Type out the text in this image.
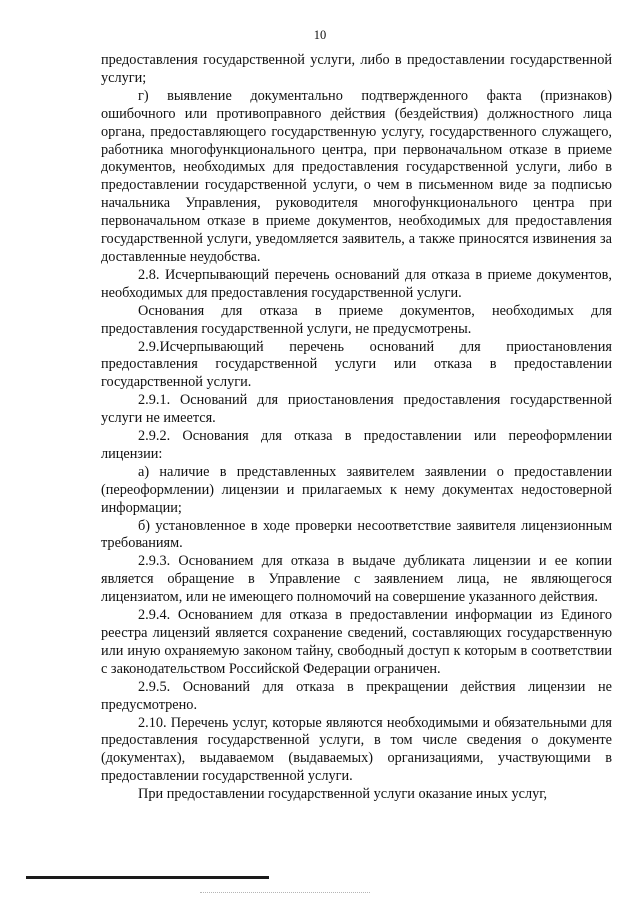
10

предоставления государственной услуги, либо в предоставлении государственной услуги;

г) выявление документально подтвержденного факта (признаков) ошибочного или противоправного действия (бездействия) должностного лица органа, предоставляющего государственную услугу, государственного служащего, работника многофункционального центра, при первоначальном отказе в приеме документов, необходимых для предоставления государственной услуги, либо в предоставлении государственной услуги, о чем в письменном виде за подписью начальника Управления, руководителя многофункционального центра при первоначальном отказе в приеме документов, необходимых для предоставления государственной услуги, уведомляется заявитель, а также приносятся извинения за доставленные неудобства.

2.8. Исчерпывающий перечень оснований для отказа в приеме документов, необходимых для предоставления государственной услуги.

Основания для отказа в приеме документов, необходимых для предоставления государственной услуги, не предусмотрены.

2.9.Исчерпывающий перечень оснований для приостановления предоставления государственной услуги или отказа в предоставлении государственной услуги.

2.9.1. Оснований для приостановления предоставления государственной услуги не имеется.

2.9.2. Основания для отказа в предоставлении или переоформлении лицензии:

а) наличие в представленных заявителем заявлении о предоставлении (переоформлении) лицензии и прилагаемых к нему документах недостоверной информации;

б) установленное в ходе проверки несоответствие заявителя лицензионным требованиям.

2.9.3. Основанием для отказа в выдаче дубликата лицензии и ее копии является обращение в Управление с заявлением лица, не являющегося лицензиатом, или не имеющего полномочий на совершение указанного действия.

2.9.4. Основанием для отказа в предоставлении информации из Единого реестра лицензий является сохранение сведений, составляющих государственную или иную охраняемую законом тайну, свободный доступ к которым в соответствии с законодательством Российской Федерации ограничен.

2.9.5. Оснований для отказа в прекращении действия лицензии не предусмотрено.

2.10. Перечень услуг, которые являются необходимыми и обязательными для предоставления государственной услуги, в том числе сведения о документе (документах), выдаваемом (выдаваемых) организациями, участвующими в предоставлении государственной услуги.

При предоставлении государственной услуги оказание иных услуг,
